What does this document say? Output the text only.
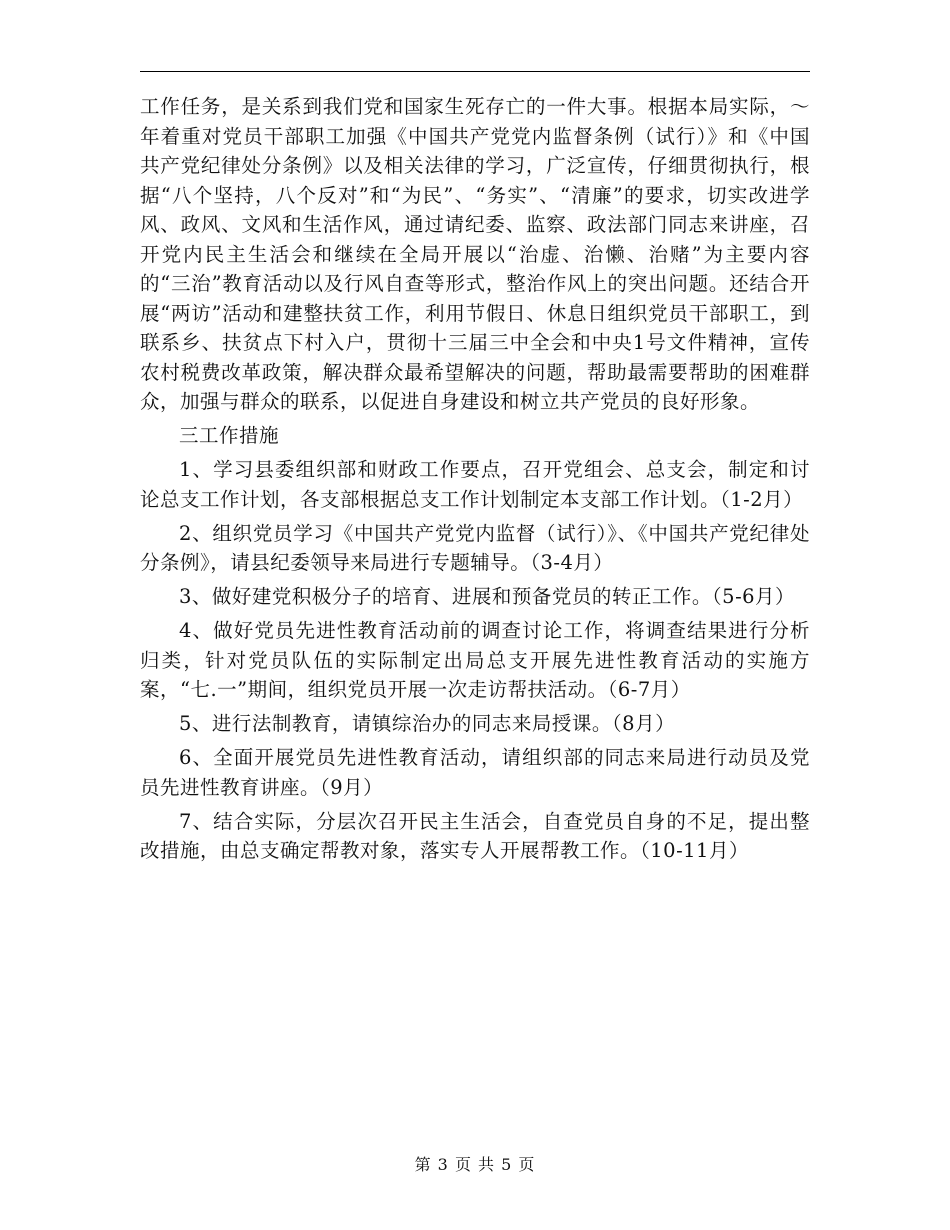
工作任务，是关系到我们党和国家生死存亡的一件大事。根据本局实际，～年着重对党员干部职工加强《中国共产党党内监督条例（试行）》和《中国共产党纪律处分条例》以及相关法律的学习，广泛宣传，仔细贯彻执行，根据“八个坚持，八个反对”和“为民”、“务实”、“清廉”的要求，切实改进学风、政风、文风和生活作风，通过请纪委、监察、政法部门同志来讲座，召开党内民主生活会和继续在全局开展以“治虚、治懒、治赌”为主要内容的“三治”教育活动以及行风自查等形式，整治作风上的突出问题。还结合开展“两访”活动和建整扶贫工作，利用节假日、休息日组织党员干部职工，到联系乡、扶贫点下村入户，贯彻十三届三中全会和中央1号文件精神，宣传农村税费改革政策，解决群众最希望解决的问题，帮助最需要帮助的困难群众，加强与群众的联系，以促进自身建设和树立共产党员的良好形象。

三工作措施

1、学习县委组织部和财政工作要点，召开党组会、总支会，制定和讨论总支工作计划，各支部根据总支工作计划制定本支部工作计划。（1-2月）

2、组织党员学习《中国共产党党内监督（试行）》、《中国共产党纪律处分条例》，请县纪委领导来局进行专题辅导。（3-4月）

3、做好建党积极分子的培育、进展和预备党员的转正工作。（5-6月）

4、做好党员先进性教育活动前的调查讨论工作，将调查结果进行分析归类，针对党员队伍的实际制定出局总支开展先进性教育活动的实施方案，“七.一”期间，组织党员开展一次走访帮扶活动。（6-7月）

5、进行法制教育，请镇综治办的同志来局授课。（8月）

6、全面开展党员先进性教育活动，请组织部的同志来局进行动员及党员先进性教育讲座。（9月）

7、结合实际，分层次召开民主生活会，自查党员自身的不足，提出整改措施，由总支确定帮教对象，落实专人开展帮教工作。（10-11月）

第 3 页 共 5 页
